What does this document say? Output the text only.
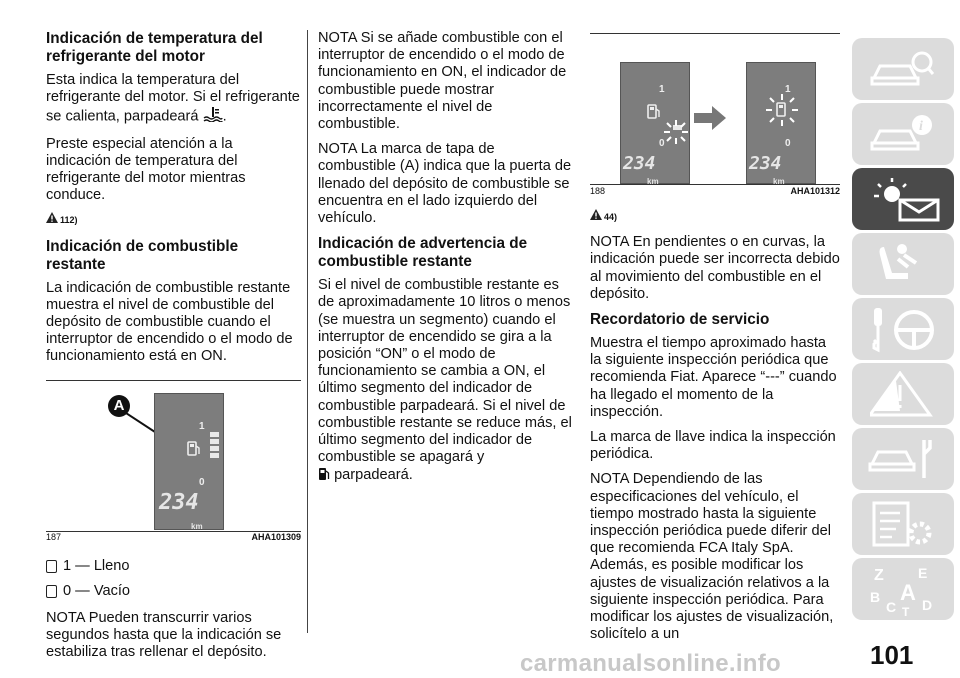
Indicación de temperatura del refrigerante del motor

Esta indica la temperatura del refrigerante del motor. Si el refrigerante se calienta, parpadeará .

Preste especial atención a la indicación de temperatura del refrigerante del motor mientras conduce.

112)
Indicación de combustible restante

La indicación de combustible restante muestra el nivel de combustible del depósito de combustible cuando el interruptor de encendido o el modo de funcionamiento está en ON.

A
1
0
234
km
187	AHA101309

1 — Lleno

0 — Vacío

NOTA Pueden transcurrir varios segundos hasta que la indicación se estabiliza tras rellenar el depósito.

NOTA Si se añade combustible con el interruptor de encendido o el modo de funcionamiento en ON, el indicador de combustible puede mostrar incorrectamente el nivel de combustible.

NOTA La marca de tapa de combustible (A) indica que la puerta de llenado del depósito de combustible se encuentra en el lado izquierdo del vehículo.

Indicación de advertencia de combustible restante

Si el nivel de combustible restante es de aproximadamente 10 litros o menos (se muestra un segmento) cuando el interruptor de encendido se gira a la posición “ON” o el modo de funcionamiento se cambia a ON, el último segmento del indicador de combustible parpadeará. Si el nivel de combustible restante se reduce más, el último segmento del indicador de combustible se apagará y
parpadeará.

1
0
234
km
1
0
234
km
188	AHA101312
44)

NOTA En pendientes o en curvas, la indicación puede ser incorrecta debido al movimiento del combustible en el depósito.

Recordatorio de servicio

Muestra el tiempo aproximado hasta la siguiente inspección periódica que recomienda Fiat. Aparece “---” cuando ha llegado el momento de la inspección.

La marca de llave indica la inspección periódica.

NOTA Dependiendo de las especificaciones del vehículo, el tiempo mostrado hasta la siguiente inspección periódica puede diferir del que recomienda FCA Italy SpA. Además, es posible modificar los ajustes de visualización relativos a la siguiente inspección periódica. Para modificar los ajustes de visualización, solicítelo a un

i
Z E
B A
C D
T
101
carmanualsonline.info
